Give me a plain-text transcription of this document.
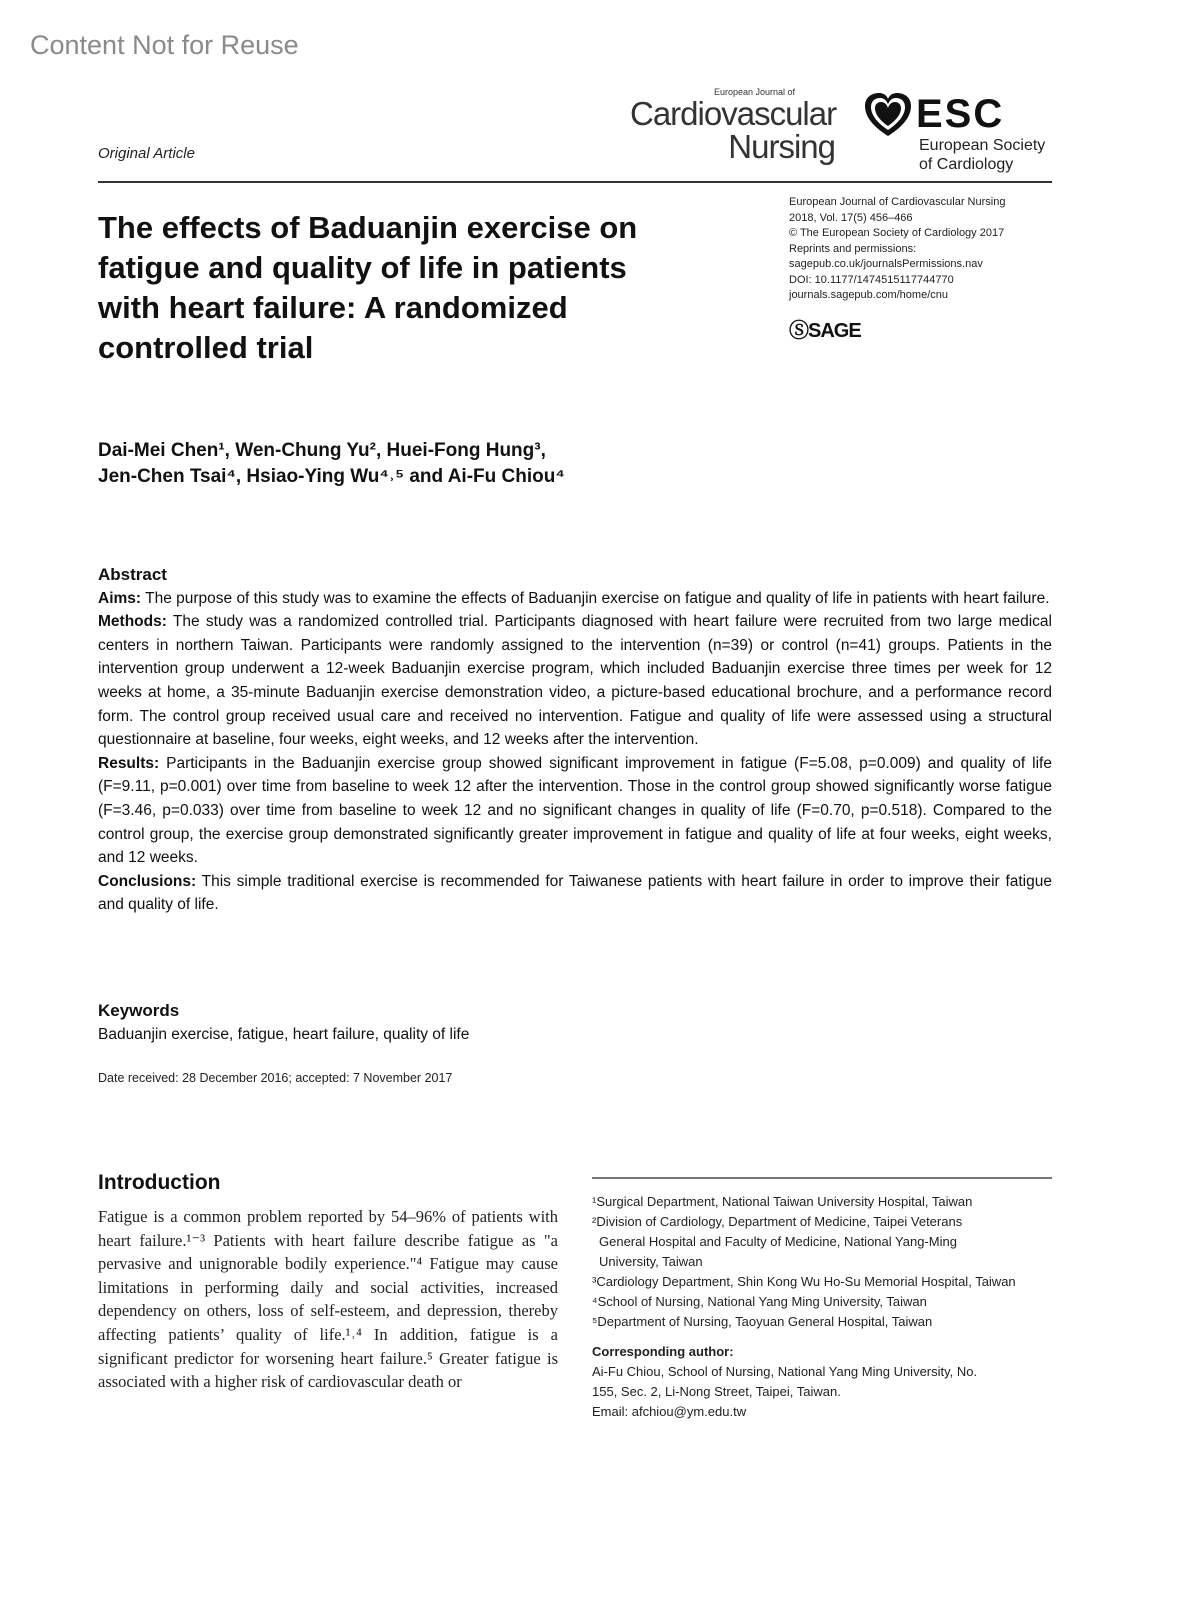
Content Not for Reuse
Original Article
European Journal of
Cardiovascular
Nursing
ESC
European Society
of Cardiology
European Journal of Cardiovascular Nursing
2018, Vol. 17(5) 456–466
© The European Society of Cardiology 2017
Reprints and permissions:
sagepub.co.uk/journalsPermissions.nav
DOI: 10.1177/1474515117744770
journals.sagepub.com/home/cnu
ⓈSAGE
The effects of Baduanjin exercise on fatigue and quality of life in patients with heart failure: A randomized controlled trial
Dai-Mei Chen¹, Wen-Chung Yu², Huei-Fong Hung³,
Jen-Chen Tsai⁴, Hsiao-Ying Wu⁴˒⁵ and Ai-Fu Chiou⁴
Abstract
Aims: The purpose of this study was to examine the effects of Baduanjin exercise on fatigue and quality of life in patients with heart failure.
Methods: The study was a randomized controlled trial. Participants diagnosed with heart failure were recruited from two large medical centers in northern Taiwan. Participants were randomly assigned to the intervention (n=39) or control (n=41) groups. Patients in the intervention group underwent a 12-week Baduanjin exercise program, which included Baduanjin exercise three times per week for 12 weeks at home, a 35-minute Baduanjin exercise demonstration video, a picture-based educational brochure, and a performance record form. The control group received usual care and received no intervention. Fatigue and quality of life were assessed using a structural questionnaire at baseline, four weeks, eight weeks, and 12 weeks after the intervention.
Results: Participants in the Baduanjin exercise group showed significant improvement in fatigue (F=5.08, p=0.009) and quality of life (F=9.11, p=0.001) over time from baseline to week 12 after the intervention. Those in the control group showed significantly worse fatigue (F=3.46, p=0.033) over time from baseline to week 12 and no significant changes in quality of life (F=0.70, p=0.518). Compared to the control group, the exercise group demonstrated significantly greater improvement in fatigue and quality of life at four weeks, eight weeks, and 12 weeks.
Conclusions: This simple traditional exercise is recommended for Taiwanese patients with heart failure in order to improve their fatigue and quality of life.
Keywords
Baduanjin exercise, fatigue, heart failure, quality of life
Date received: 28 December 2016; accepted: 7 November 2017
Introduction

Fatigue is a common problem reported by 54–96% of patients with heart failure.¹⁻³ Patients with heart failure describe fatigue as "a pervasive and unignorable bodily experience."⁴ Fatigue may cause limitations in performing daily and social activities, increased dependency on others, loss of self-esteem, and depression, thereby affecting patients’ quality of life.¹˒⁴ In addition, fatigue is a significant predictor for worsening heart failure.⁵ Greater fatigue is associated with a higher risk of cardiovascular death or

¹Surgical Department, National Taiwan University Hospital, Taiwan
²Division of Cardiology, Department of Medicine, Taipei Veterans
General Hospital and Faculty of Medicine, National Yang-Ming
University, Taiwan
³Cardiology Department, Shin Kong Wu Ho-Su Memorial Hospital, Taiwan
⁴School of Nursing, National Yang Ming University, Taiwan
⁵Department of Nursing, Taoyuan General Hospital, Taiwan
Corresponding author:
Ai-Fu Chiou, School of Nursing, National Yang Ming University, No.
155, Sec. 2, Li-Nong Street, Taipei, Taiwan.
Email: afchiou@ym.edu.tw
